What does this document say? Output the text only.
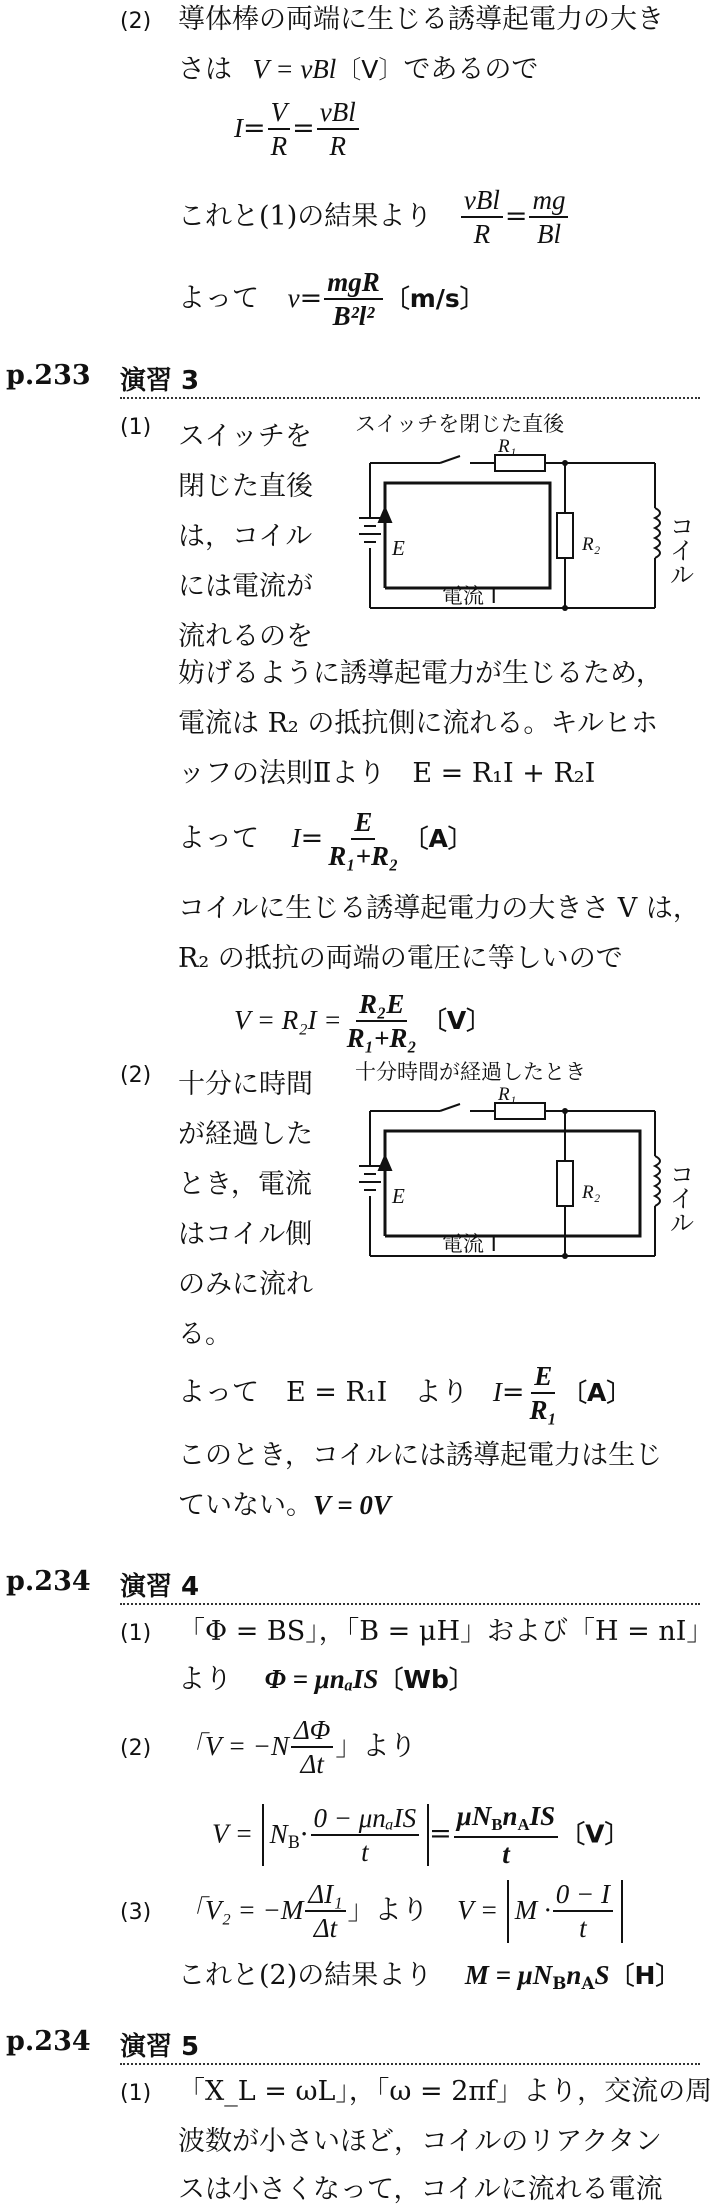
(2) 導体棒の両端に生じる誘導起電力の大き
さは V = vBl〔V〕であるので
$I= \frac{V}{R} = \frac{\text{vBl}}{R}$
これと(1)の結果より $\frac{\text{vBl}}{R} = \frac{mg}{Bl}$
よって $v= \frac{\text{mgR}}{\text{B²l²}}$ 〔m/s〕
p.233 演習 3
(1) スイッチを
閉じた直後
は，コイル
には電流が
流れるのを
スイッチを閉じた直後
R₁
R₂
E
電流 I
コ
イ
ル
妨げるように誘導起電力が生じるため，
電流は R₂ の抵抗側に流れる。キルヒホ
ッフの法則Ⅱより　E = R₁I + R₂I
よって $I= \frac{E}{\text{R₁+R₂}}$ 〔A〕
コイルに生じる誘導起電力の大きさ V は，
R₂ の抵抗の両端の電圧に等しいので
$V = R_2I = \frac{\text{R₂E}}{\text{R₁+R₂}}$ 〔V〕
(2) 十分に時間
が経過した
とき，電流
はコイル側
のみに流れ
る。
十分時間が経過したとき
R₁
R₂
E
電流 I
コ
イ
ル
よって　E = R₁I　より $I= \frac{E}{\text{R₁}}$ 〔A〕
このとき，コイルには誘導起電力は生じ
ていない。V = 0V
p.234 演習 4
(1) 「Φ = BS」，「B = μH」および「H = nI」
より Φ = μnₐIS〔Wb〕
(2) 「$V = -N \frac{\Delta\Phi}{\Delta t}$ 」より
$V = N_B\cdot \frac{\text{0 − μnₐIS}}{t} = \frac{\mu N_Bn_AIS}{t}$ 〔V〕
(3) 「$V_2 = -M \frac{\text{ΔI₁}}{\Delta t}$ 」より $V = M \cdot \frac{0 - I}{t}$
これと(2)の結果より $M = \mu N_Bn_AS$〔H〕
p.234 演習 5
(1) 「X_L = ωL」，「ω = 2πf」より，交流の周
波数が小さいほど，コイルのリアクタン
スは小さくなって，コイルに流れる電流
